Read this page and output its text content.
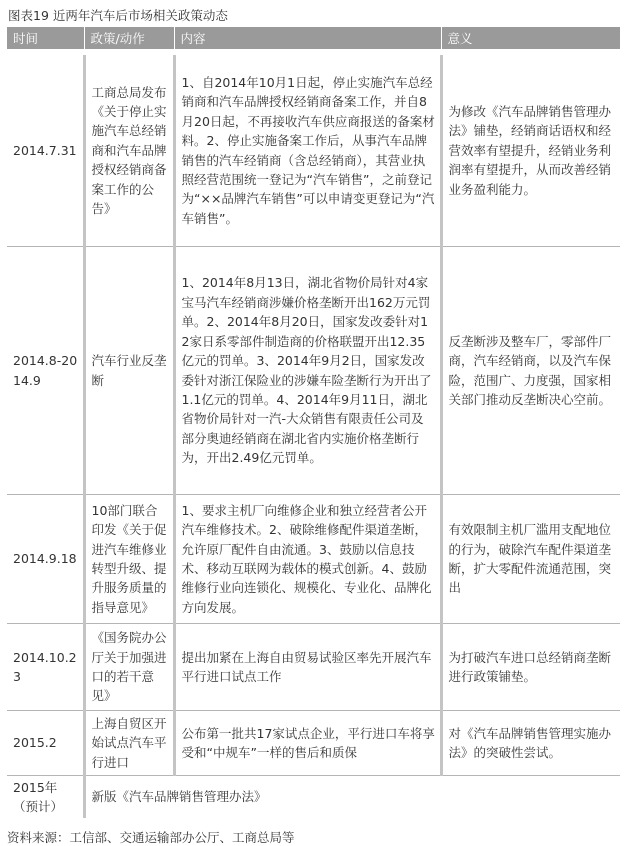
图表19 近两年汽车后市场相关政策动态
时间	政策/动作	内容	意义

2014.7.31	工商总局发布《关于停止实施汽车总经销商和汽车品牌授权经销商备案工作的公告》	1、自2014年10月1日起，停止实施汽车总经销商和汽车品牌授权经销商备案工作，并自8月20日起，不再接收汽车供应商报送的备案材料。2、停止实施备案工作后，从事汽车品牌销售的汽车经销商（含总经销商），其营业执照经营范围统一登记为“汽车销售”，之前登记为“××品牌汽车销售”可以申请变更登记为“汽车销售”。	为修改《汽车品牌销售管理办法》铺垫，经销商话语权和经营效率有望提升，经销业务利润率有望提升，从而改善经销业务盈利能力。
2014.8-2014.9	汽车行业反垄断	1、2014年8月13日，湖北省物价局针对4家宝马汽车经销商涉嫌价格垄断开出162万元罚单。2、2014年8月20日，国家发改委针对12家日系零部件制造商的价格联盟开出12.35亿元的罚单。3、2014年9月2日，国家发改委针对浙江保险业的涉嫌车险垄断行为开出了1.1亿元的罚单。4、2014年9月11日，湖北省物价局针对一汽-大众销售有限责任公司及部分奥迪经销商在湖北省内实施价格垄断行为，开出2.49亿元罚单。	反垄断涉及整车厂，零部件厂商，汽车经销商，以及汽车保险，范围广、力度强，国家相关部门推动反垄断决心空前。
2014.9.18	10部门联合印发《关于促进汽车维修业转型升级、提升服务质量的指导意见》	1、要求主机厂向维修企业和独立经营者公开汽车维修技术。2、破除维修配件渠道垄断，允许原厂配件自由流通。3、鼓励以信息技术、移动互联网为载体的模式创新。4、鼓励维修行业向连锁化、规模化、专业化、品牌化方向发展。	有效限制主机厂滥用支配地位的行为，破除汽车配件渠道垄断，扩大零配件流通范围，突出
2014.10.23	《国务院办公厅关于加强进口的若干意见》	提出加紧在上海自由贸易试验区率先开展汽车平行进口试点工作	为打破汽车进口总经销商垄断进行政策铺垫。
2015.2	上海自贸区开始试点汽车平行进口	公布第一批共17家试点企业，平行进口车将享受和“中规车”一样的售后和质保	对《汽车品牌销售管理实施办法》的突破性尝试。
2015年（预计）	新版《汽车品牌销售管理办法》		
资料来源：工信部、交通运输部办公厅、工商总局等
